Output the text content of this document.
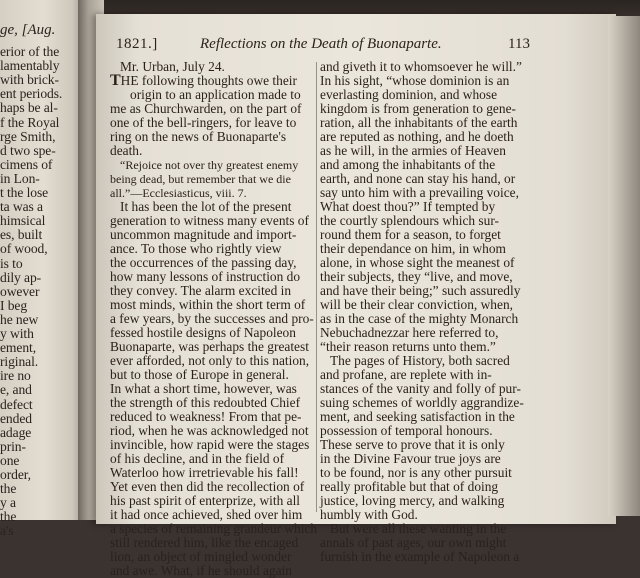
ge, [Aug.
erior of the
lamentably
with brick-
ent periods.
haps be al-
f the Royal
rge Smith,
d two spe-
cimens of
in Lon-
t the lose
ta was a
himsical
es, built
of wood,
is to
dily ap-
owever
I beg
he new
y with
ement,
riginal.
ire no
e, and
defect
ended
adage
prin-
one
order,
the
y a
the
a's
1821.]	Reflections on the Death of Buonaparte.	113
Mr. Urban, July 24.
THE following thoughts owe their
origin to an application made to
me as Churchwarden, on the part of
one of the bell-ringers, for leave to
ring on the news of Buonaparte's
death.
“Rejoice not over thy greatest enemy
being dead, but remember that we die
all.”—Ecclesiasticus, viii. 7.
It has been the lot of the present
generation to witness many events of
uncommon magnitude and import-
ance. To those who rightly view
the occurrences of the passing day,
how many lessons of instruction do
they convey. The alarm excited in
most minds, within the short term of
a few years, by the successes and pro-
fessed hostile designs of Napoleon
Buonaparte, was perhaps the greatest
ever afforded, not only to this nation,
but to those of Europe in general.
In what a short time, however, was
the strength of this redoubted Chief
reduced to weakness! From that pe-
riod, when he was acknowledged not
invincible, how rapid were the stages
of his decline, and in the field of
Waterloo how irretrievable his fall!
Yet even then did the recollection of
his past spirit of enterprize, with all
it had once achieved, shed over him
a species of remaining grandeur which
still rendered him, like the encaged
lion, an object of mingled wonder
and awe. What, if he should again
and giveth it to whomsoever he will.”
In his sight, “whose dominion is an
everlasting dominion, and whose
kingdom is from generation to gene-
ration, all the inhabitants of the earth
are reputed as nothing, and he doeth
as he will, in the armies of Heaven
and among the inhabitants of the
earth, and none can stay his hand, or
say unto him with a prevailing voice,
What doest thou?” If tempted by
the courtly splendours which sur-
round them for a season, to forget
their dependance on him, in whom
alone, in whose sight the meanest of
their subjects, they “live, and move,
and have their being;” such assuredly
will be their clear conviction, when,
as in the case of the mighty Monarch
Nebuchadnezzar here referred to,
“their reason returns unto them.”
The pages of History, both sacred
and profane, are replete with in-
stances of the vanity and folly of pur-
suing schemes of worldly aggrandize-
ment, and seeking satisfaction in the
possession of temporal honours.
These serve to prove that it is only
in the Divine Favour true joys are
to be found, nor is any other pursuit
really profitable but that of doing
justice, loving mercy, and walking
humbly with God.
But were all these wanting in the
annals of past ages, our own might
furnish in the example of Napoleon a
